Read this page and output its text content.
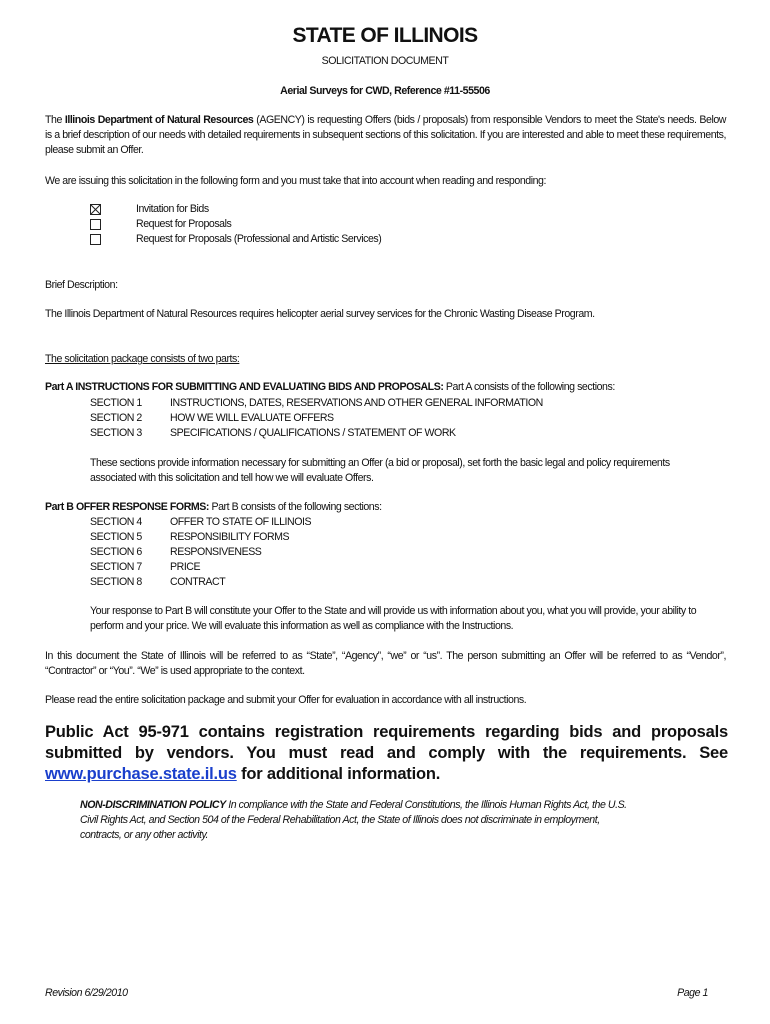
STATE OF ILLINOIS
SOLICITATION DOCUMENT
Aerial Surveys for CWD, Reference #11-55506
The Illinois Department of Natural Resources (AGENCY) is requesting Offers (bids / proposals) from responsible Vendors to meet the State's needs. Below is a brief description of our needs with detailed requirements in subsequent sections of this solicitation. If you are interested and able to meet these requirements, please submit an Offer.
We are issuing this solicitation in the following form and you must take that into account when reading and responding:
Invitation for Bids
Request for Proposals
Request for Proposals (Professional and Artistic Services)
Brief Description:
The Illinois Department of Natural Resources requires helicopter aerial survey services for the Chronic Wasting Disease Program.
The solicitation package consists of two parts:
Part A INSTRUCTIONS FOR SUBMITTING AND EVALUATING BIDS AND PROPOSALS: Part A consists of the following sections:
SECTION 1	INSTRUCTIONS, DATES, RESERVATIONS AND OTHER GENERAL INFORMATION
SECTION 2	HOW WE WILL EVALUATE OFFERS
SECTION 3	SPECIFICATIONS / QUALIFICATIONS / STATEMENT OF WORK
These sections provide information necessary for submitting an Offer (a bid or proposal), set forth the basic legal and policy requirements
associated with this solicitation and tell how we will evaluate Offers.
Part B OFFER RESPONSE FORMS: Part B consists of the following sections:
SECTION 4	OFFER TO STATE OF ILLINOIS
SECTION 5	RESPONSIBILITY FORMS
SECTION 6	RESPONSIVENESS
SECTION 7	PRICE
SECTION 8	CONTRACT
Your response to Part B will constitute your Offer to the State and will provide us with information about you, what you will provide, your ability to
perform and your price. We will evaluate this information as well as compliance with the Instructions.
In this document the State of Illinois will be referred to as “State”, “Agency”, “we” or “us”. The person submitting an Offer will be referred to as “Vendor”, “Contractor” or “You”. “We” is used appropriate to the context.
Please read the entire solicitation package and submit your Offer for evaluation in accordance with all instructions.
Public Act 95-971 contains registration requirements regarding bids and proposals submitted by vendors. You must read and comply with the requirements. See www.purchase.state.il.us for additional information.
NON-DISCRIMINATION POLICY In compliance with the State and Federal Constitutions, the Illinois Human Rights Act, the U.S. Civil Rights Act, and Section 504 of the Federal Rehabilitation Act, the State of Illinois does not discriminate in employment, contracts, or any other activity.
Revision 6/29/2010	Page 1
